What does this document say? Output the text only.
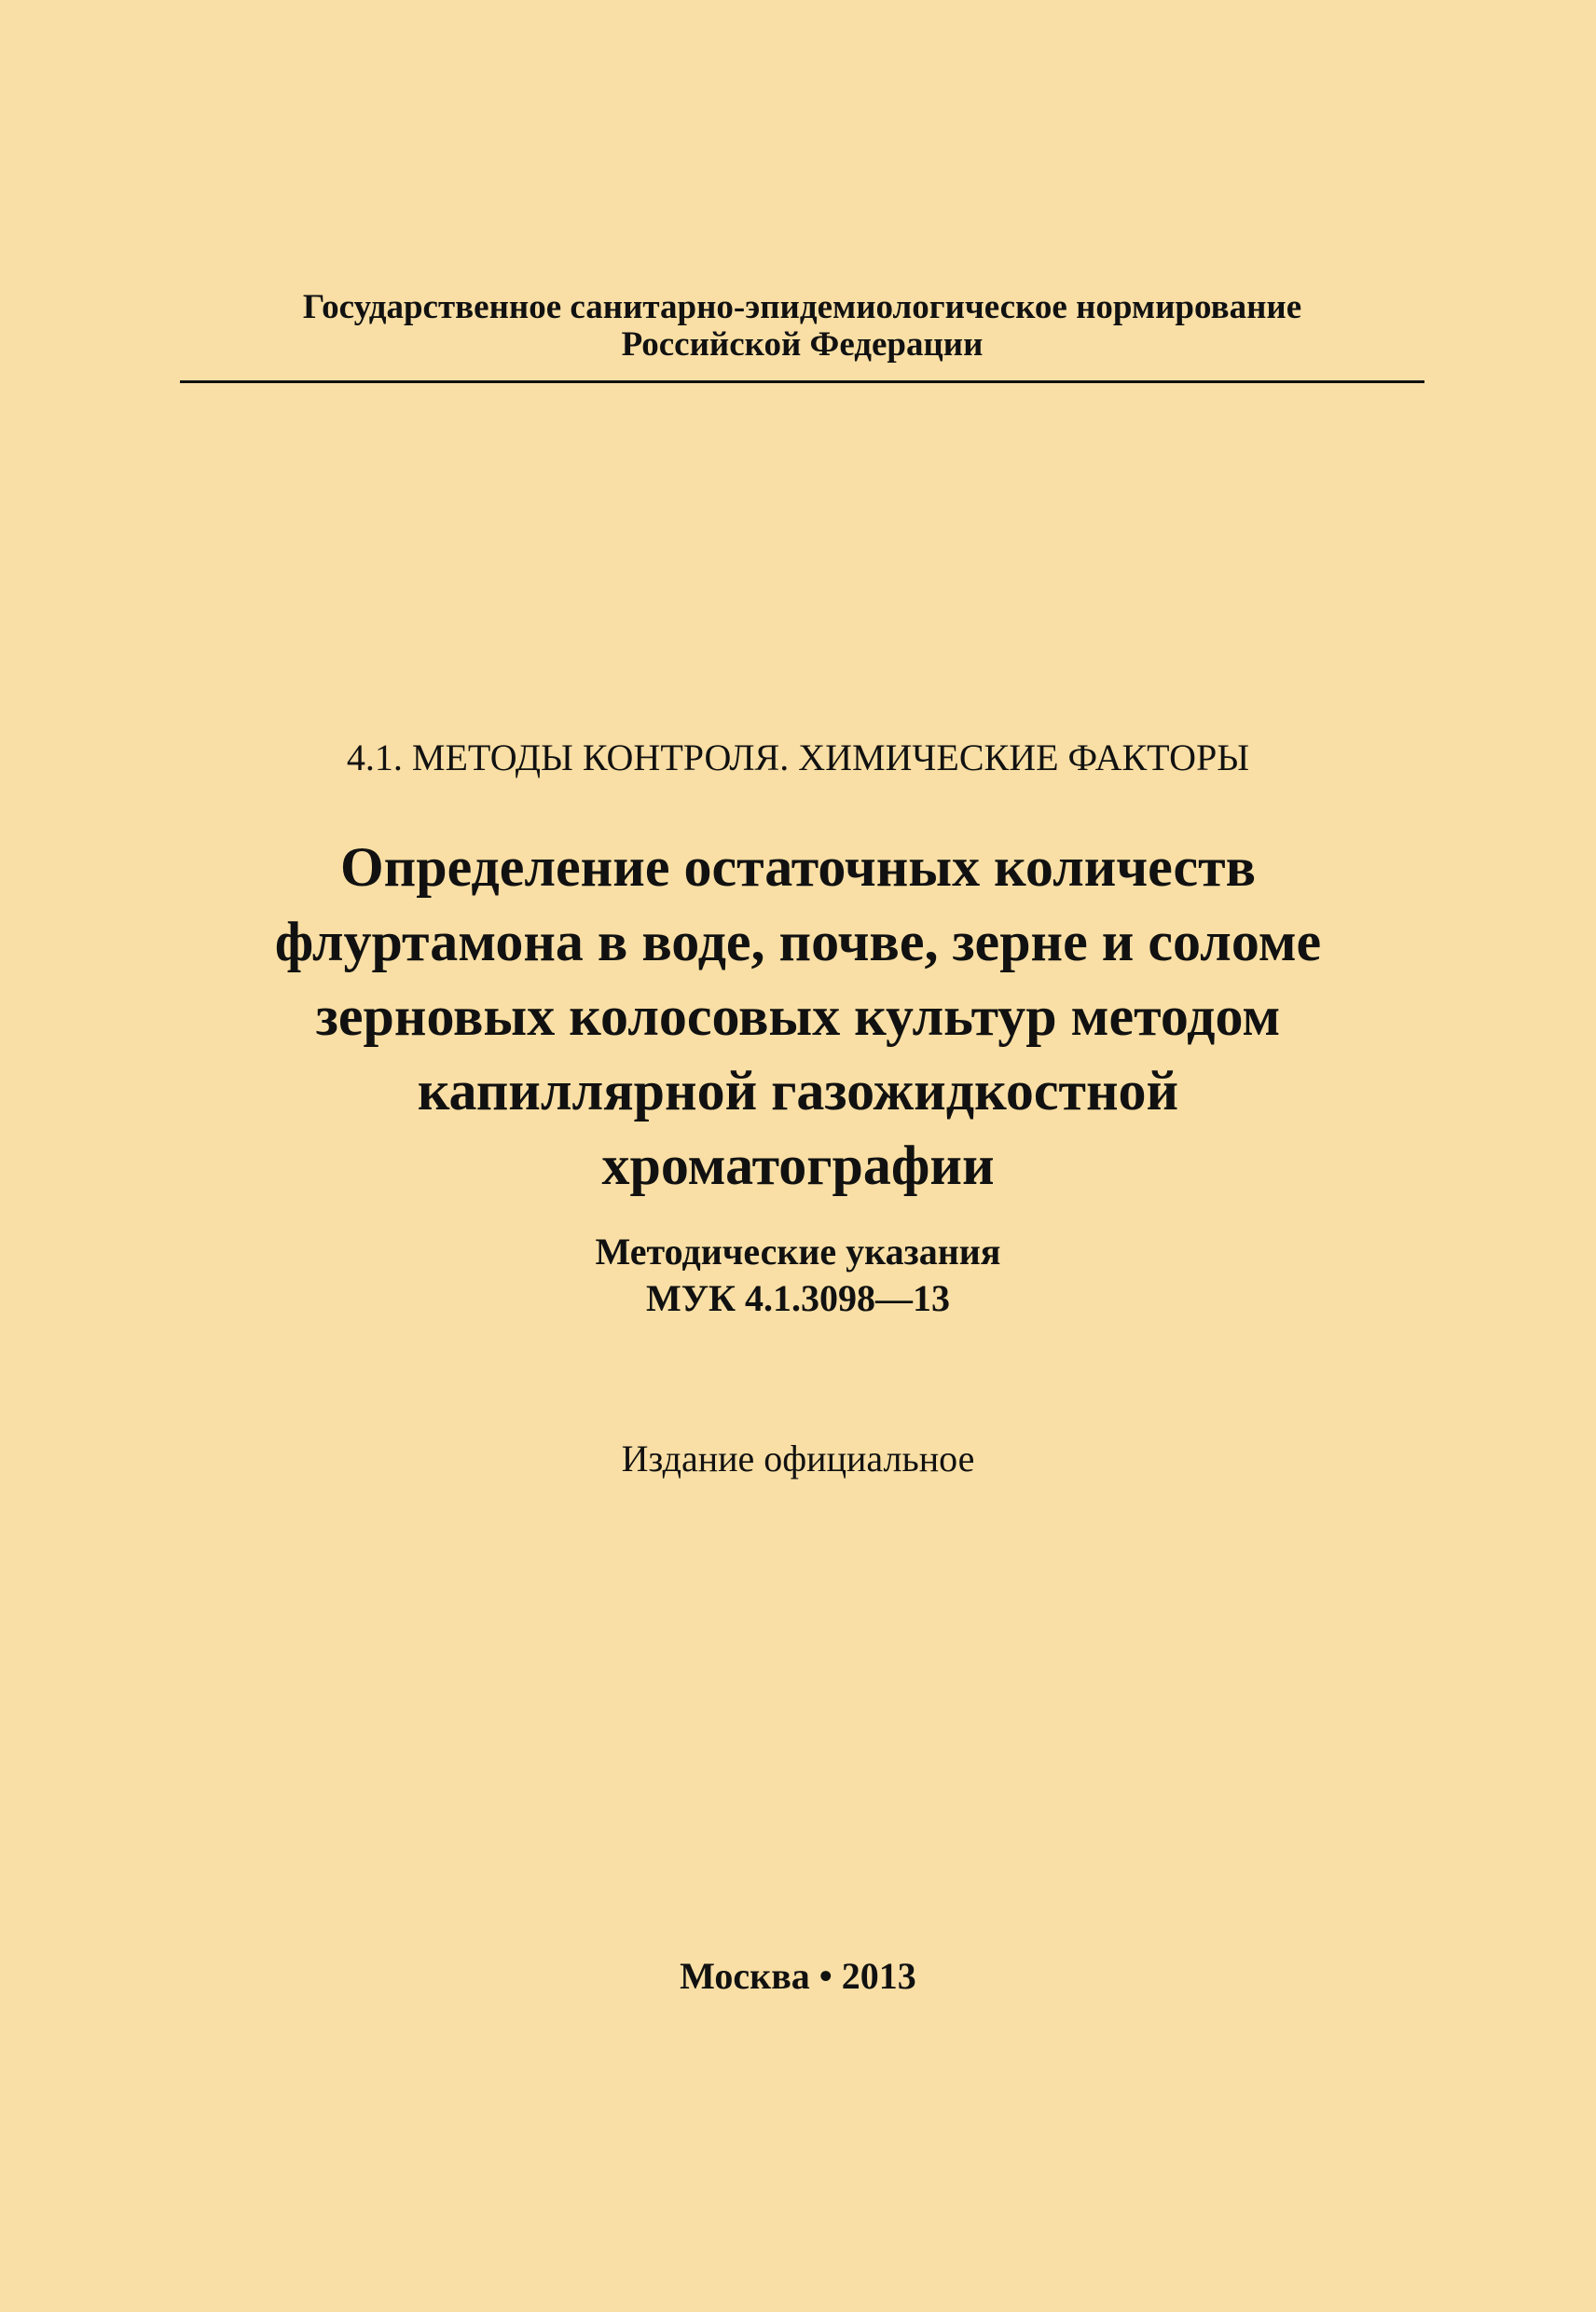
Государственное санитарно-эпидемиологическое нормирование

Российской Федерации

4.1. МЕТОДЫ КОНТРОЛЯ. ХИМИЧЕСКИЕ ФАКТОРЫ

Определение остаточных количеств

флуртамона в воде, почве, зерне и соломе

зерновых колосовых культур методом

капиллярной газожидкостной

хроматографии

Методические указания

МУК 4.1.3098—13

Издание официальное

Москва • 2013
